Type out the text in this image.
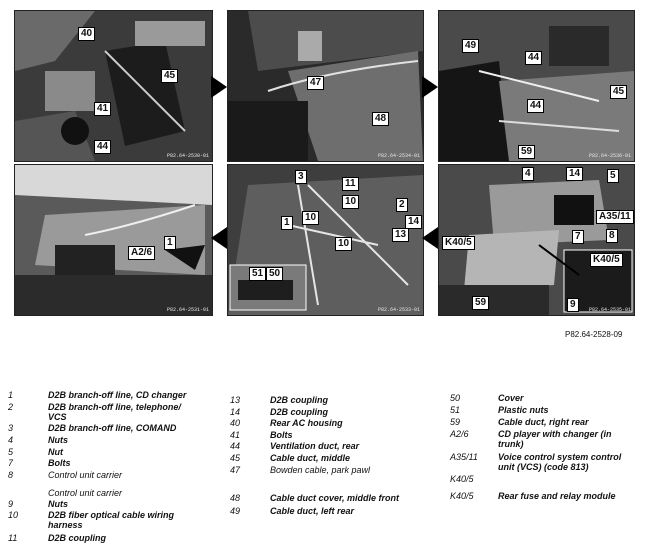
40
45
41
44
P82.64-2530-01
47
48
P82.64-2534-01
49
44
45
44
59	P82.64-2536-01
A2/6
1
P82.64-2531-01
3
11
10	2
1	10
13
14
10
51 50
P82.64-2533-01
4	14	5
A35/11
7	8
K40/5
K40/5
59	9	P82.64-2535-01
P82.64-2528-09
1	D2B branch-off line, CD changer
2	D2B branch-off line, telephone/
VCS
3	D2B branch-off line, COMAND
4	Nuts
5	Nut
7	Bolts
8	Control unit carrier
Control unit carrier
9	Nuts
10	D2B fiber optical cable wiring
harness
11	D2B coupling
13	D2B coupling
14	D2B coupling
40	Rear AC housing
41	Bolts
44	Ventilation duct, rear
45	Cable duct, middle
47	Bowden cable, park pawl
48	Cable duct cover, middle front
49	Cable duct, left rear
50	Cover
51	Plastic nuts
59	Cable duct, right rear
A2/6	CD player with changer (in
trunk)
A35/11 Voice control system control
unit (VCS) (code 813)
K40/5
K40/5	Rear fuse and relay module
